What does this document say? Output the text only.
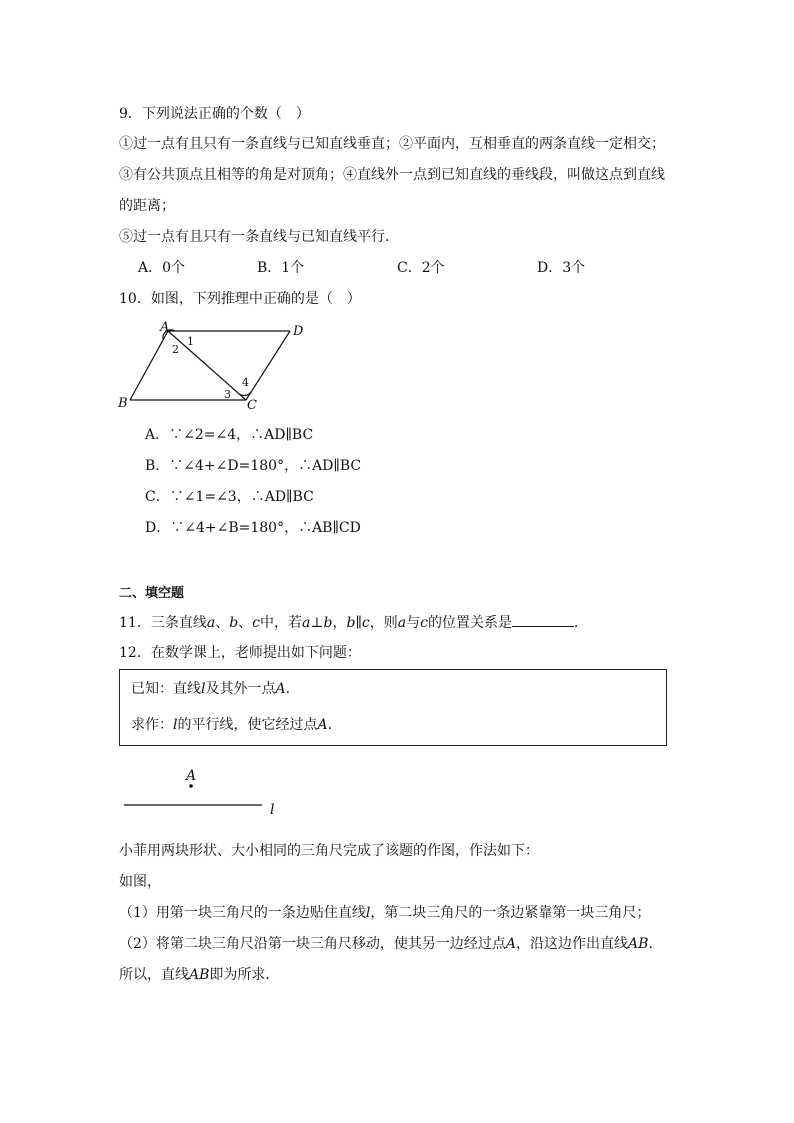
9．下列说法正确的个数（　）
①过一点有且只有一条直线与已知直线垂直；②平面内，互相垂直的两条直线一定相交；
③有公共顶点且相等的角是对顶角；④直线外一点到已知直线的垂线段，叫做这点到直线
的距离；
⑤过一点有且只有一条直线与已知直线平行．
A．0个	B．1个	C．2个	D．3个
10．如图，下列推理中正确的是（　）
A	D
B	C
1
2
3
4
A．∵∠2=∠4，∴AD∥BC
B．∵∠4+∠D=180°，∴AD∥BC
C．∵∠1=∠3，∴AD∥BC
D．∵∠4+∠B=180°，∴AB∥CD
二、填空题
11．三条直线a、b、c中，若a⊥b，b∥c，则a与c的位置关系是	．
12．在数学课上，老师提出如下问题：
已知：直线l及其外一点A．
求作：l的平行线，使它经过点A．
A
l
小菲用两块形状、大小相同的三角尺完成了该题的作图，作法如下：
如图，
（1）用第一块三角尺的一条边贴住直线l，第二块三角尺的一条边紧靠第一块三角尺；
（2）将第二块三角尺沿第一块三角尺移动，使其另一边经过点A，沿这边作出直线AB．
所以，直线AB即为所求．
